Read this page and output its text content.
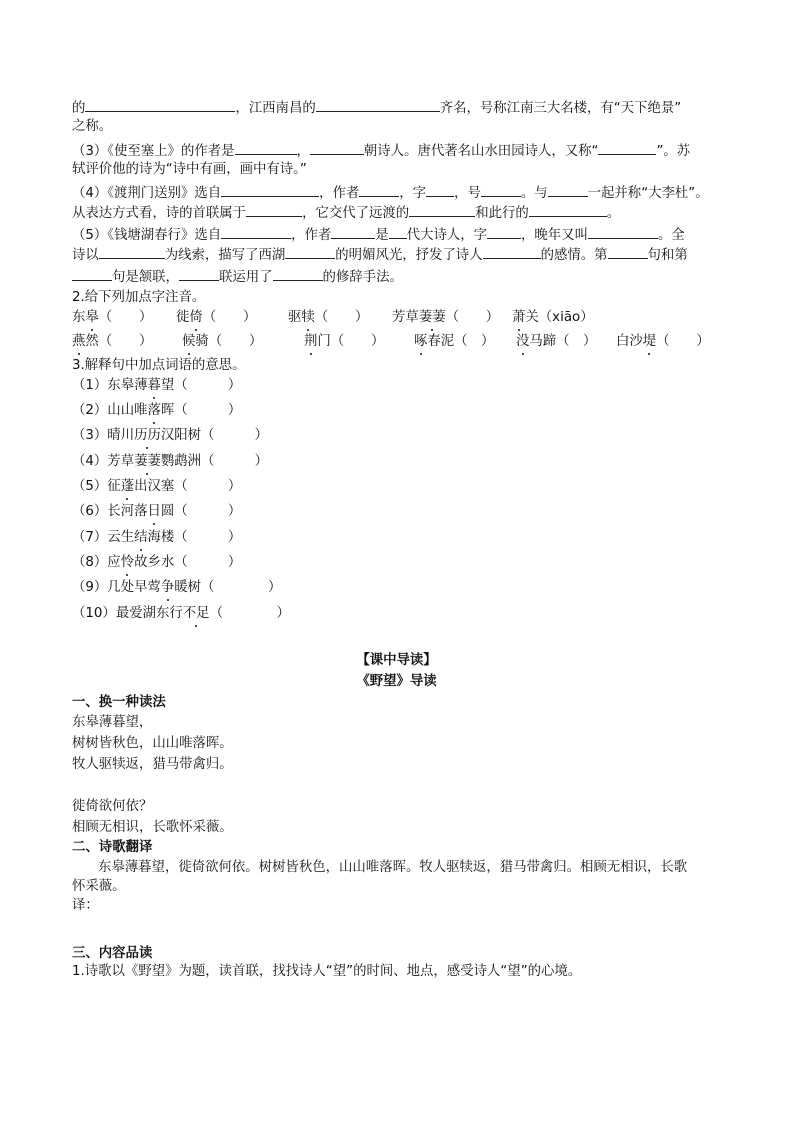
的	，江西南昌的	齐名，号称江南三大名楼，有“天下绝景”
之称。
（3）《使至塞上》的作者是	，	朝诗人。唐代著名山水田园诗人，又称“	”。苏
轼评价他的诗为“诗中有画，画中有诗。”
（4）《渡荆门送别》选自	，作者	，字 ，号	。与	一起并称“大李杜”。
从表达方式看，诗的首联属于	，它交代了远渡的	和此行的	。
（5）《钱塘湖春行》选自	，作者	是 代大诗人，字	，晚年又叫	。全
诗以	为线索，描写了西湖	的明媚风光，抒发了诗人	的感情。第	句和第
句是颔联，	联运用了	的修辞手法。
2.给下列加点字注音。
东皋（　　） 徙倚（　　） 驱犊（　　） 芳草萋萋（　　） 萧关（xiāo）
燕然（　　） 候骑（　　）	荆门（　　） 啄春泥（　） 没马蹄（　） 白沙堤（　　）
3.解释句中加点词语的意思。
（1）东皋薄暮望（　　　）
（2）山山唯落晖（　　　）
（3）晴川历历汉阳树（　　　）
（4）芳草萋萋鹦鹉洲（　　　）
（5）征蓬出汉塞（　　　）
（6）长河落日圆（　　　）
（7）云生结海楼（　　　）
（8）应怜故乡水（　　　）
（9）几处早莺争暖树（　　　　）
（10）最爱湖东行不足（　　　　）
【课中导读】
《野望》导读
一、换一种读法
东皋薄暮望，
树树皆秋色，山山唯落晖。
牧人驱犊返，猎马带禽归。
徙倚欲何依？
相顾无相识，长歌怀采薇。
二、诗歌翻译
东皋薄暮望，徙倚欲何依。树树皆秋色，山山唯落晖。牧人驱犊返，猎马带禽归。相顾无相识，长歌
怀采薇。
译：
三、内容品读
1.诗歌以《野望》为题，读首联，找找诗人“望”的时间、地点，感受诗人“望”的心境。
